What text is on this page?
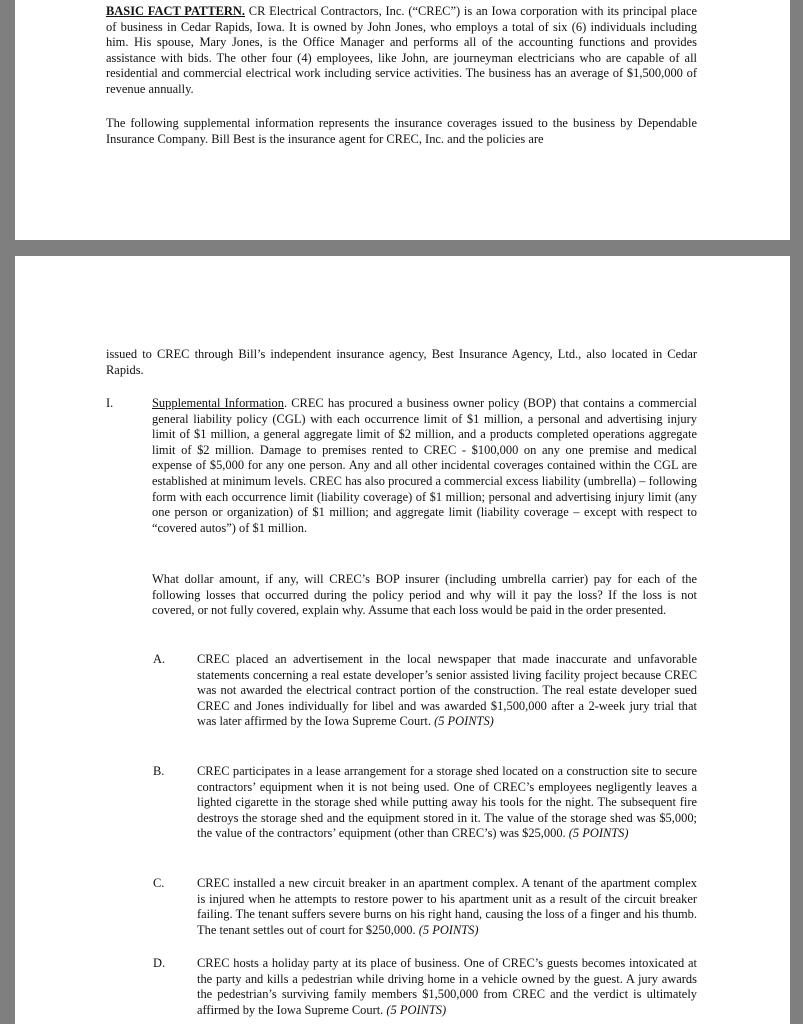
BASIC FACT PATTERN. CR Electrical Contractors, Inc. (“CREC”) is an Iowa corporation with its principal place of business in Cedar Rapids, Iowa. It is owned by John Jones, who employs a total of six (6) individuals including him. His spouse, Mary Jones, is the Office Manager and performs all of the accounting functions and provides assistance with bids. The other four (4) employees, like John, are journeyman electricians who are capable of all residential and commercial electrical work including service activities. The business has an average of $1,500,000 of revenue annually.

The following supplemental information represents the insurance coverages issued to the business by Dependable Insurance Company. Bill Best is the insurance agent for CREC, Inc. and the policies are

issued to CREC through Bill’s independent insurance agency, Best Insurance Agency, Ltd., also located in Cedar Rapids.

I.	Supplemental Information. CREC has procured a business owner policy (BOP) that contains a commercial general liability policy (CGL) with each occurrence limit of $1 million, a personal and advertising injury limit of $1 million, a general aggregate limit of $2 million, and a products completed operations aggregate limit of $2 million. Damage to premises rented to CREC - $100,000 on any one premise and medical expense of $5,000 for any one person. Any and all other incidental coverages contained within the CGL are established at minimum levels. CREC has also procured a commercial excess liability (umbrella) – following form with each occurrence limit (liability coverage) of $1 million; personal and advertising injury limit (any one person or organization) of $1 million; and aggregate limit (liability coverage – except with respect to “covered autos”) of $1 million.

What dollar amount, if any, will CREC’s BOP insurer (including umbrella carrier) pay for each of the following losses that occurred during the policy period and why will it pay the loss? If the loss is not covered, or not fully covered, explain why. Assume that each loss would be paid in the order presented.

A.	CREC placed an advertisement in the local newspaper that made inaccurate and unfavorable statements concerning a real estate developer’s senior assisted living facility project because CREC was not awarded the electrical contract portion of the construction. The real estate developer sued CREC and Jones individually for libel and was awarded $1,500,000 after a 2-week jury trial that was later affirmed by the Iowa Supreme Court. (5 POINTS)

B.	CREC participates in a lease arrangement for a storage shed located on a construction site to secure contractors’ equipment when it is not being used. One of CREC’s employees negligently leaves a lighted cigarette in the storage shed while putting away his tools for the night. The subsequent fire destroys the storage shed and the equipment stored in it. The value of the storage shed was $5,000; the value of the contractors’ equipment (other than CREC’s) was $25,000. (5 POINTS)

C.	CREC installed a new circuit breaker in an apartment complex. A tenant of the apartment complex is injured when he attempts to restore power to his apartment unit as a result of the circuit breaker failing. The tenant suffers severe burns on his right hand, causing the loss of a finger and his thumb. The tenant settles out of court for $250,000. (5 POINTS)

D.	CREC hosts a holiday party at its place of business. One of CREC’s guests becomes intoxicated at the party and kills a pedestrian while driving home in a vehicle owned by the guest. A jury awards the pedestrian’s surviving family members $1,500,000 from CREC and the verdict is ultimately affirmed by the Iowa Supreme Court. (5 POINTS)
